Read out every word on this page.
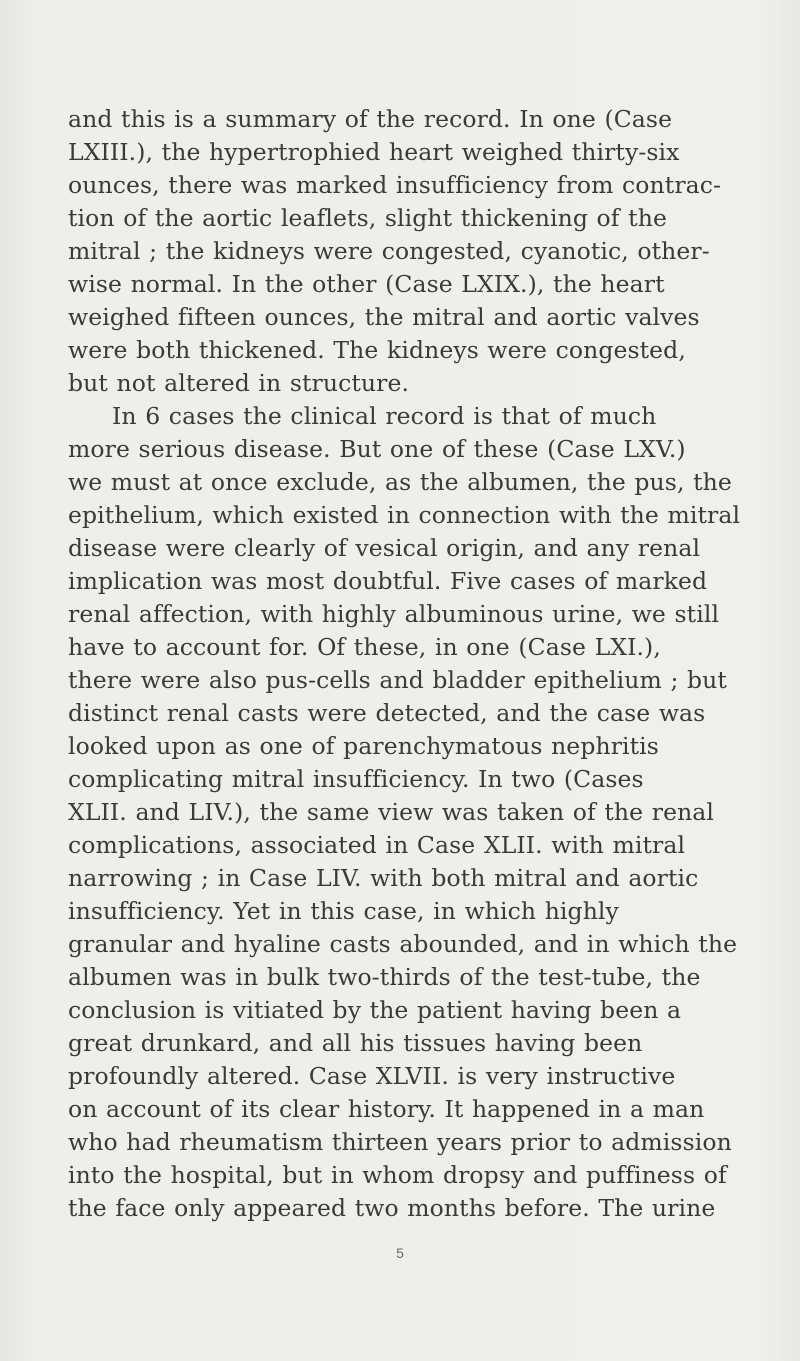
and this is a summary of the record. In one (Case
LXIII.), the hypertrophied heart weighed thirty-six
ounces, there was marked insufficiency from contrac-
tion of the aortic leaflets, slight thickening of the
mitral ; the kidneys were congested, cyanotic, other-
wise normal. In the other (Case LXIX.), the heart
weighed fifteen ounces, the mitral and aortic valves
were both thickened. The kidneys were congested,
but not altered in structure.
In 6 cases the clinical record is that of much
more serious disease. But one of these (Case LXV.)
we must at once exclude, as the albumen, the pus, the
epithelium, which existed in connection with the mitral
disease were clearly of vesical origin, and any renal
implication was most doubtful. Five cases of marked
renal affection, with highly albuminous urine, we still
have to account for. Of these, in one (Case LXI.),
there were also pus-cells and bladder epithelium ; but
distinct renal casts were detected, and the case was
looked upon as one of parenchymatous nephritis
complicating mitral insufficiency. In two (Cases
XLII. and LIV.), the same view was taken of the renal
complications, associated in Case XLII. with mitral
narrowing ; in Case LIV. with both mitral and aortic
insufficiency. Yet in this case, in which highly
granular and hyaline casts abounded, and in which the
albumen was in bulk two-thirds of the test-tube, the
conclusion is vitiated by the patient having been a
great drunkard, and all his tissues having been
profoundly altered. Case XLVII. is very instructive
on account of its clear history. It happened in a man
who had rheumatism thirteen years prior to admission
into the hospital, but in whom dropsy and puffiness of
the face only appeared two months before. The urine
5
